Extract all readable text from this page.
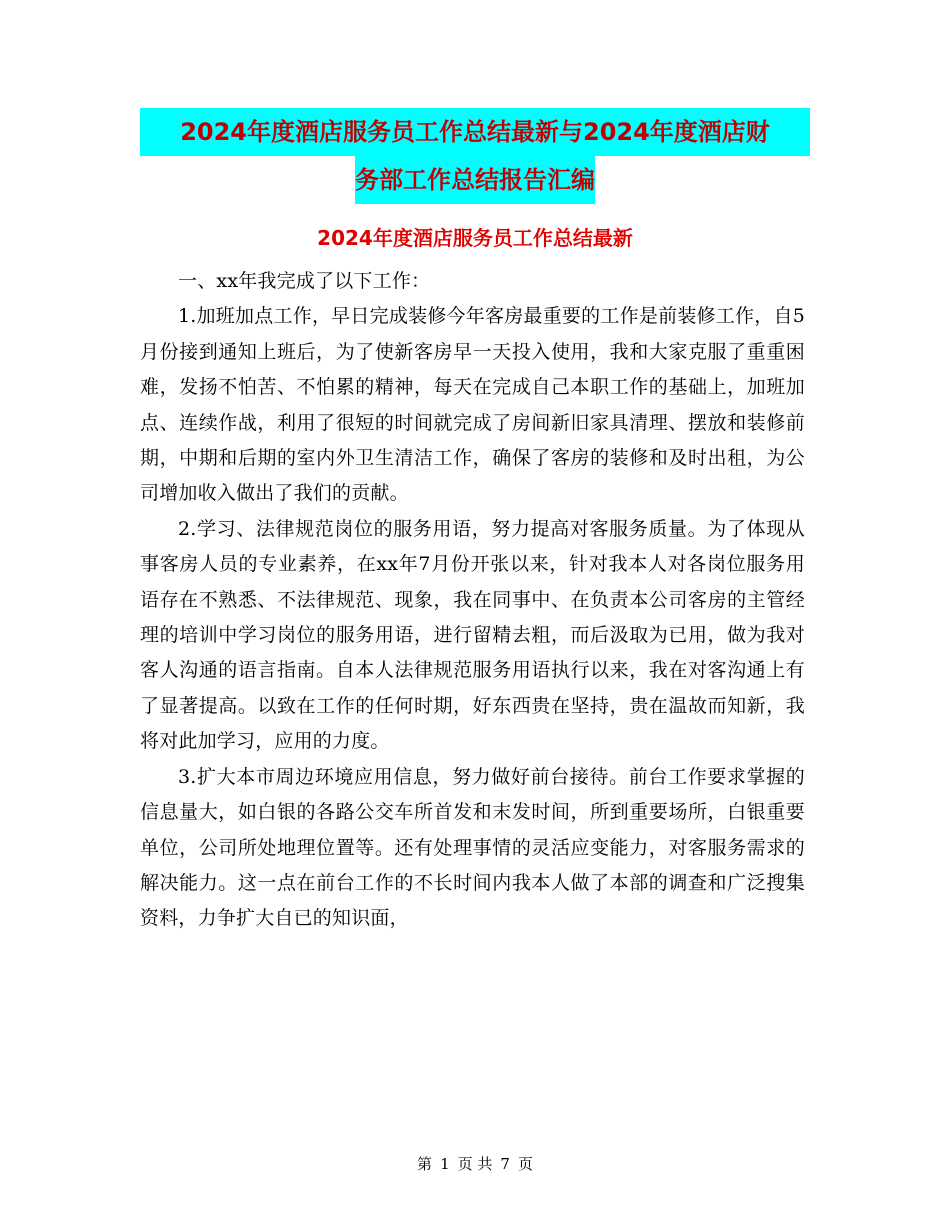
2024年度酒店服务员工作总结最新与2024年度酒店财
务部工作总结报告汇编
2024年度酒店服务员工作总结最新

一、xx年我完成了以下工作：

1.加班加点工作，早日完成装修今年客房最重要的工作是前装修工作，自5月份接到通知上班后，为了使新客房早一天投入使用，我和大家克服了重重困难，发扬不怕苦、不怕累的精神，每天在完成自己本职工作的基础上，加班加点、连续作战，利用了很短的时间就完成了房间新旧家具清理、摆放和装修前期，中期和后期的室内外卫生清洁工作，确保了客房的装修和及时出租，为公司增加收入做出了我们的贡献。

2.学习、法律规范岗位的服务用语，努力提高对客服务质量。为了体现从事客房人员的专业素养，在xx年7月份开张以来，针对我本人对各岗位服务用语存在不熟悉、不法律规范、现象，我在同事中、在负责本公司客房的主管经理的培训中学习岗位的服务用语，进行留精去粗，而后汲取为已用，做为我对客人沟通的语言指南。自本人法律规范服务用语执行以来，我在对客沟通上有了显著提高。以致在工作的任何时期，好东西贵在坚持，贵在温故而知新，我将对此加学习，应用的力度。

3.扩大本市周边环境应用信息，努力做好前台接待。前台工作要求掌握的信息量大，如白银的各路公交车所首发和末发时间，所到重要场所，白银重要单位，公司所处地理位置等。还有处理事情的灵活应变能力，对客服务需求的解决能力。这一点在前台工作的不长时间内我本人做了本部的调查和广泛搜集资料，力争扩大自已的知识面，

第 1 页 共 7 页
